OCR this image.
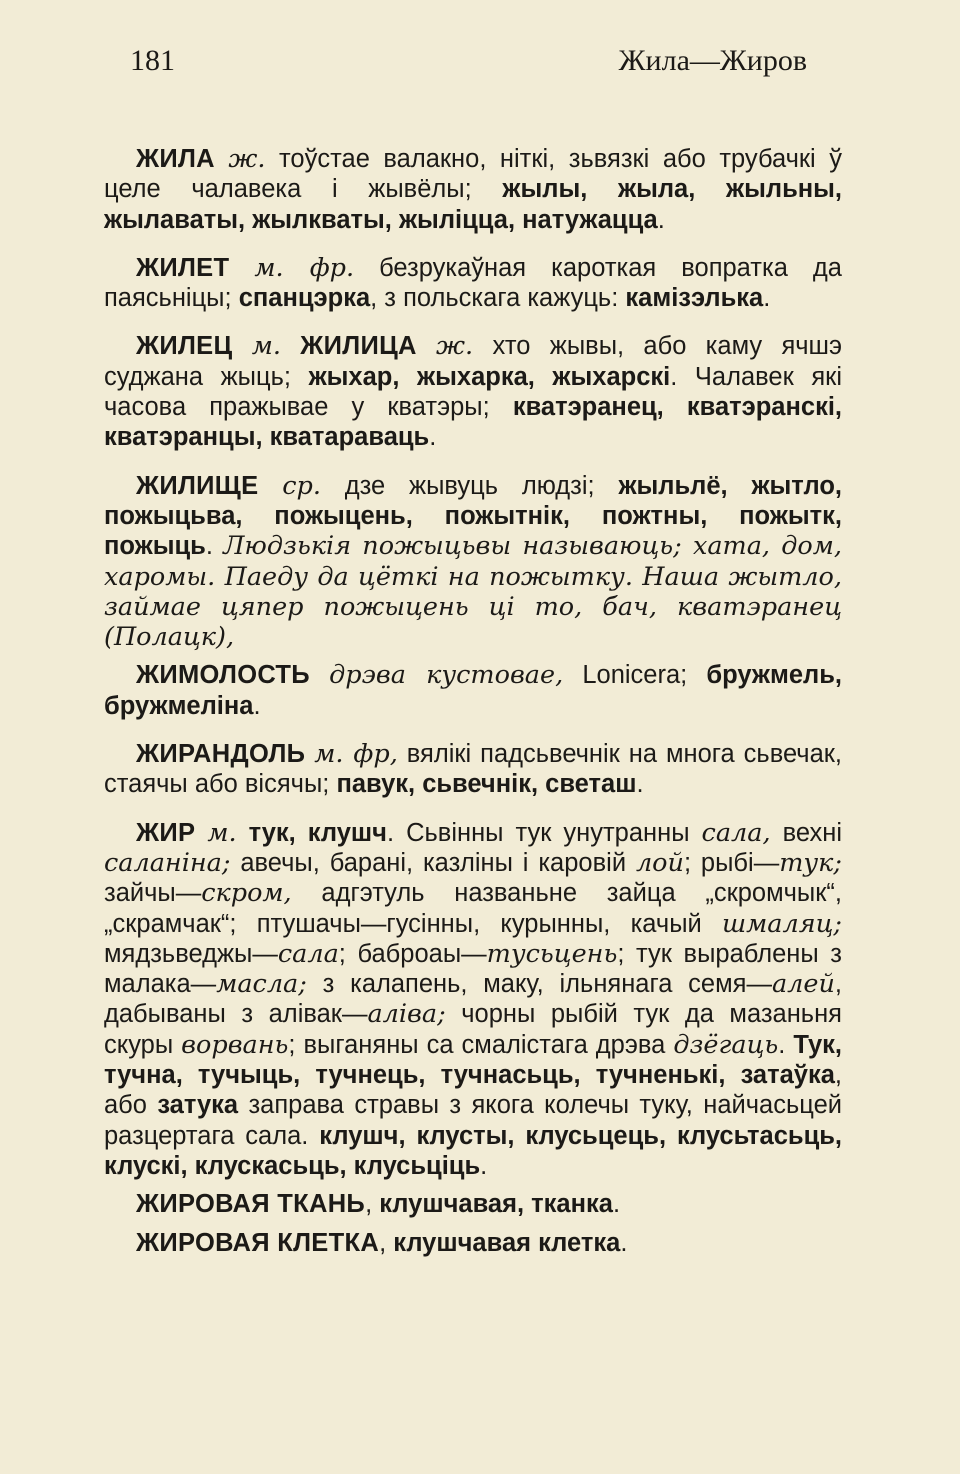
181	Жила—Жиров

ЖИЛА ж. тоўстае валакно, ніткі, зьвязкі або трубачкі ў целе чалавека і жывёлы; жылы, жыла, жыльны, жылаваты, жылкваты, жыліцца, натужацца.

ЖИЛЕТ м. фр. безрукаўная кароткая вопратка да паясьніцы; спанцэрка, з польскага кажуць: камізэлька.

ЖИЛЕЦ м. ЖИЛИЦА ж. хто жывы, або каму ячшэ суджана жыць; жыхар, жыхарка, жыхарскі. Чалавек які часова пражывае у кватэры; кватэранец, кватэранскі, кватэранцы, кватараваць.

ЖИЛИЩЕ ср. дзе жывуць людзі; жыльлё, жытло, пожыцьва, пожыцень, пожытнік, пожтны, пожытк, пожыць. Людзькія пожыцьвы называюць; хата, дом, харомы. Паеду да цёткі на пожытку. Наша жытло, займае цяпер пожыцень ці то, бач, кватэранец (Полацк),

ЖИМОЛОСТЬ дрэва кустовае, Lonicera; бружмель, бружмеліна.

ЖИРАНДОЛЬ м. фр, вялікі падсьвечнік на многа сьвечак, стаячы або вісячы; павук, сьвечнік, светаш.

ЖИР м. тук, клушч. Сьвінны тук унутранны сала, вехні саланіна; авечы, барані, казліны і каровій лой; рыбі—тук; зайчы—скром, адгэтуль названьне зайца „скромчык“, „скрамчак“; птушачы—гусінны, курынны, качый шмаляц; мядзьведжы—сала; баброаы—тусьцень; тук выраблены з малака—масла; з калапень, маку, ільнянага семя—алей, дабываны з алівак—аліва; чорны рыбій тук да мазаньня скуры ворвань; выганяны са смалістага дрэва дзёгаць. Тук, тучна, тучыць, тучнець, тучнасьць, тучненькі, затаўка, або затука заправа стравы з якога колечы туку, найчасьцей разцертага сала. клушч, клусты, клусьцець, клусьтасьць, клускі, клускасьць, клусьціць.

ЖИРОВАЯ ТКАНЬ, клушчавая, тканка.

ЖИРОВАЯ КЛЕТКА, клушчавая клетка.
